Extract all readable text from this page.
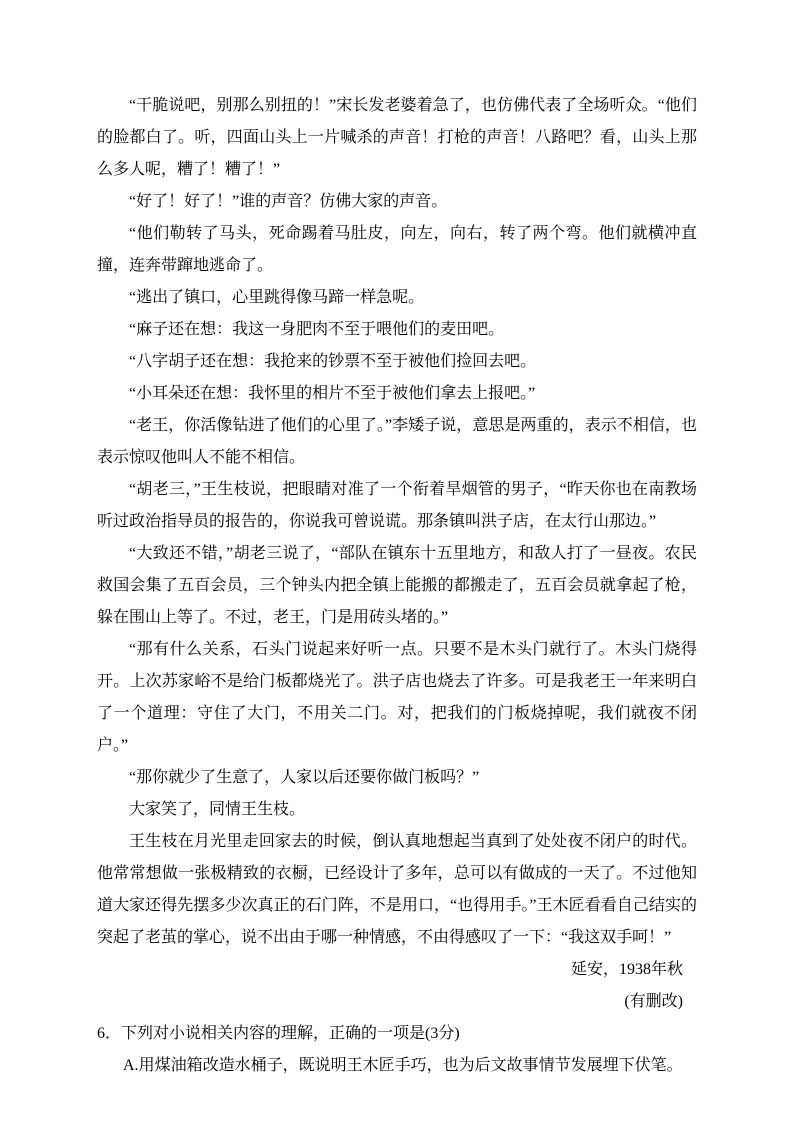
“干脆说吧，别那么别扭的！”宋长发老婆着急了，也仿佛代表了全场听众。“他们的脸都白了。听，四面山头上一片喊杀的声音！打枪的声音！八路吧？看，山头上那么多人呢，糟了！糟了！”

“好了！好了！”谁的声音？仿佛大家的声音。

“他们勒转了马头，死命踢着马肚皮，向左，向右，转了两个弯。他们就横冲直撞，连奔带蹿地逃命了。

“逃出了镇口，心里跳得像马蹄一样急呢。

“麻子还在想：我这一身肥肉不至于喂他们的麦田吧。

“八字胡子还在想：我抢来的钞票不至于被他们捡回去吧。

“小耳朵还在想：我怀里的相片不至于被他们拿去上报吧。”

“老王，你活像钻进了他们的心里了。”李矮子说，意思是两重的，表示不相信，也表示惊叹他叫人不能不相信。

“胡老三，”王生枝说，把眼睛对准了一个衔着旱烟管的男子，“昨天你也在南教场听过政治指导员的报告的，你说我可曾说谎。那条镇叫洪子店，在太行山那边。”

“大致还不错，”胡老三说了，“部队在镇东十五里地方，和敌人打了一昼夜。农民救国会集了五百会员，三个钟头内把全镇上能搬的都搬走了，五百会员就拿起了枪，躲在围山上等了。不过，老王，门是用砖头堵的。”

“那有什么关系，石头门说起来好听一点。只要不是木头门就行了。木头门烧得开。上次苏家峪不是给门板都烧光了。洪子店也烧去了许多。可是我老王一年来明白了一个道理：守住了大门，不用关二门。对，把我们的门板烧掉呢，我们就夜不闭户。”

“那你就少了生意了，人家以后还要你做门板吗？”

大家笑了，同情王生枝。

王生枝在月光里走回家去的时候，倒认真地想起当真到了处处夜不闭户的时代。他常常想做一张极精致的衣橱，已经设计了多年，总可以有做成的一天了。不过他知道大家还得先摆多少次真正的石门阵，不是用口，“也得用手。”王木匠看看自己结实的突起了老茧的掌心，说不出由于哪一种情感，不由得感叹了一下：“我这双手呵！”

延安，1938年秋

(有删改)

6．下列对小说相关内容的理解，正确的一项是(3分)

A.用煤油箱改造水桶子，既说明王木匠手巧，也为后文故事情节发展埋下伏笔。
